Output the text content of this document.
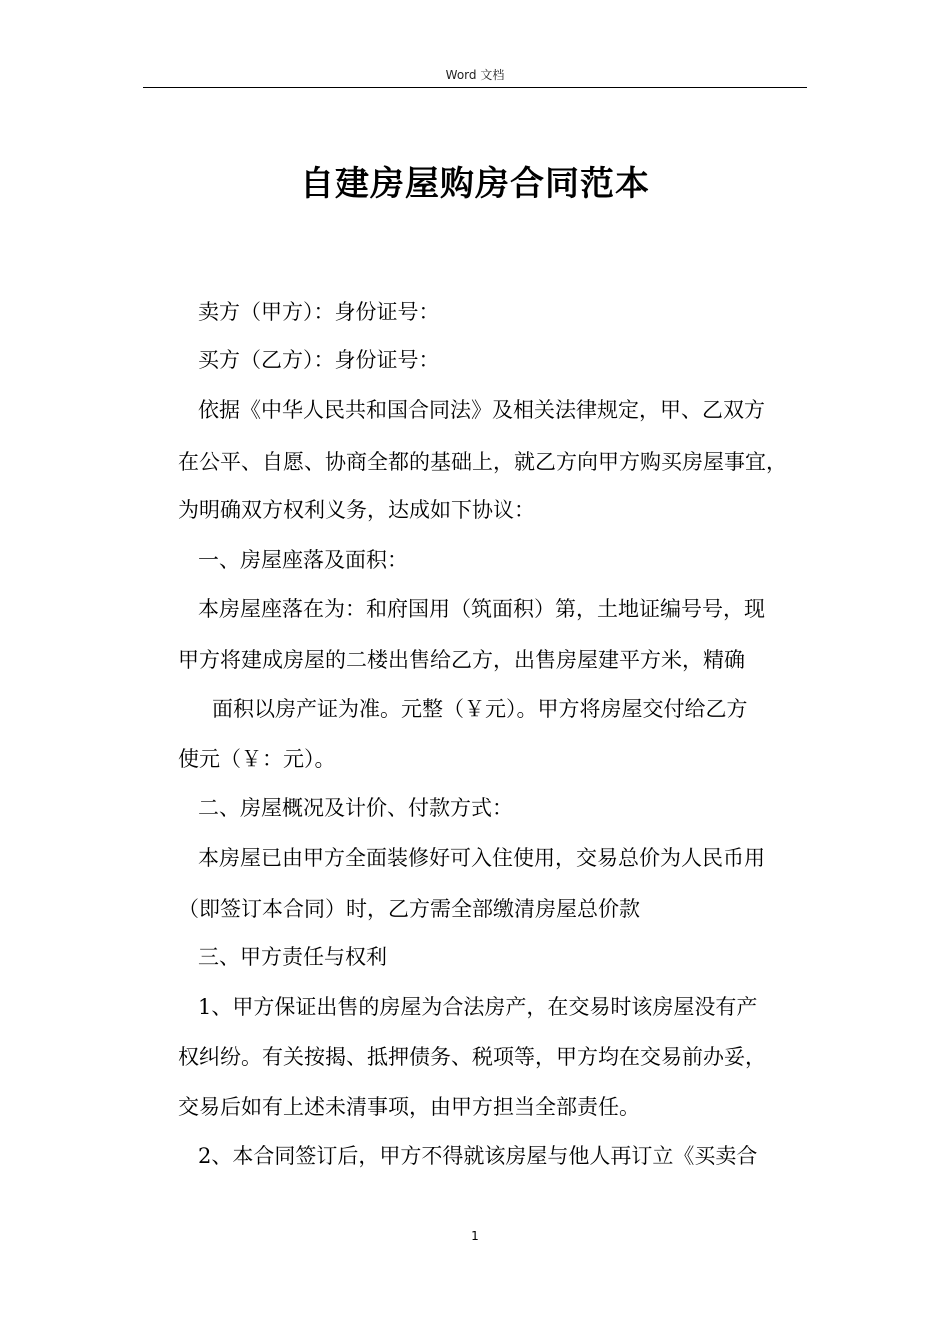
Word 文档
自建房屋购房合同范本
卖方（甲方）：身份证号：
买方（乙方）：身份证号：
依据《中华人民共和国合同法》及相关法律规定，甲、乙双方
在公平、自愿、协商全都的基础上，就乙方向甲方购买房屋事宜，
为明确双方权利义务，达成如下协议：
一、房屋座落及面积：
本房屋座落在为：和府国用（筑面积）第，土地证编号号，现
甲方将建成房屋的二楼出售给乙方，出售房屋建平方米，精确
面积以房产证为准。元整（￥元）。甲方将房屋交付给乙方
使元（￥：元）。
二、房屋概况及计价、付款方式：
本房屋已由甲方全面装修好可入住使用，交易总价为人民币用
（即签订本合同）时，乙方需全部缴清房屋总价款
三、甲方责任与权利
1、甲方保证出售的房屋为合法房产，在交易时该房屋没有产
权纠纷。有关按揭、抵押债务、税项等，甲方均在交易前办妥，
交易后如有上述未清事项，由甲方担当全部责任。
2、本合同签订后，甲方不得就该房屋与他人再订立《买卖合
1
